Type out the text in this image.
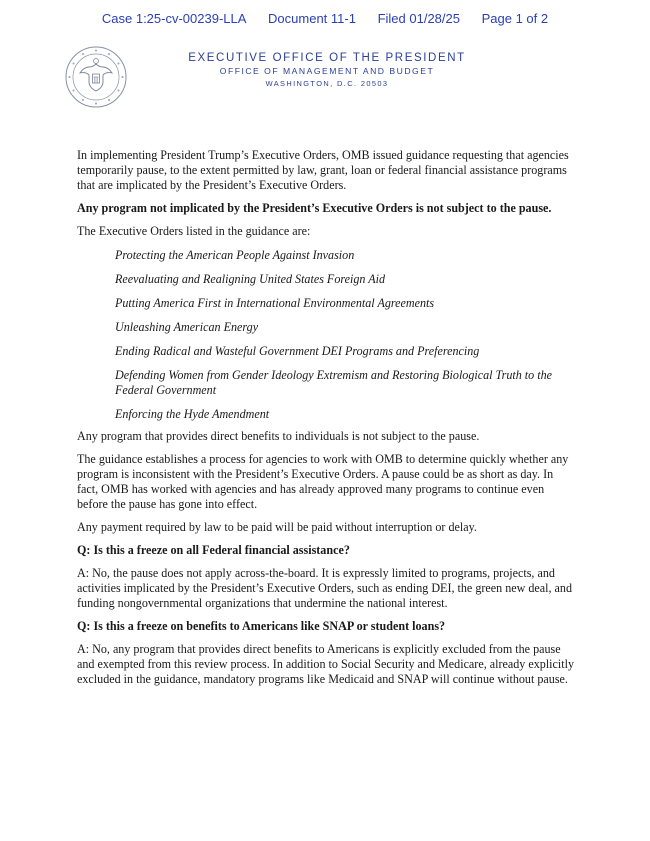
Case 1:25-cv-00239-LLA Document 11-1 Filed 01/28/25 Page 1 of 2
EXECUTIVE OFFICE OF THE PRESIDENT
OFFICE OF MANAGEMENT AND BUDGET
WASHINGTON, D.C. 20503

In implementing President Trump’s Executive Orders, OMB issued guidance requesting that agencies temporarily pause, to the extent permitted by law, grant, loan or federal financial assistance programs that are implicated by the President’s Executive Orders.

Any program not implicated by the President’s Executive Orders is not subject to the pause.

The Executive Orders listed in the guidance are:

Protecting the American People Against Invasion
Reevaluating and Realigning United States Foreign Aid
Putting America First in International Environmental Agreements
Unleashing American Energy
Ending Radical and Wasteful Government DEI Programs and Preferencing
Defending Women from Gender Ideology Extremism and Restoring Biological Truth to the Federal Government
Enforcing the Hyde Amendment

Any program that provides direct benefits to individuals is not subject to the pause.

The guidance establishes a process for agencies to work with OMB to determine quickly whether any program is inconsistent with the President’s Executive Orders. A pause could be as short as day. In fact, OMB has worked with agencies and has already approved many programs to continue even before the pause has gone into effect.

Any payment required by law to be paid will be paid without interruption or delay.

Q: Is this a freeze on all Federal financial assistance?

A: No, the pause does not apply across-the-board. It is expressly limited to programs, projects, and activities implicated by the President’s Executive Orders, such as ending DEI, the green new deal, and funding nongovernmental organizations that undermine the national interest.

Q: Is this a freeze on benefits to Americans like SNAP or student loans?

A: No, any program that provides direct benefits to Americans is explicitly excluded from the pause and exempted from this review process. In addition to Social Security and Medicare, already explicitly excluded in the guidance, mandatory programs like Medicaid and SNAP will continue without pause.
